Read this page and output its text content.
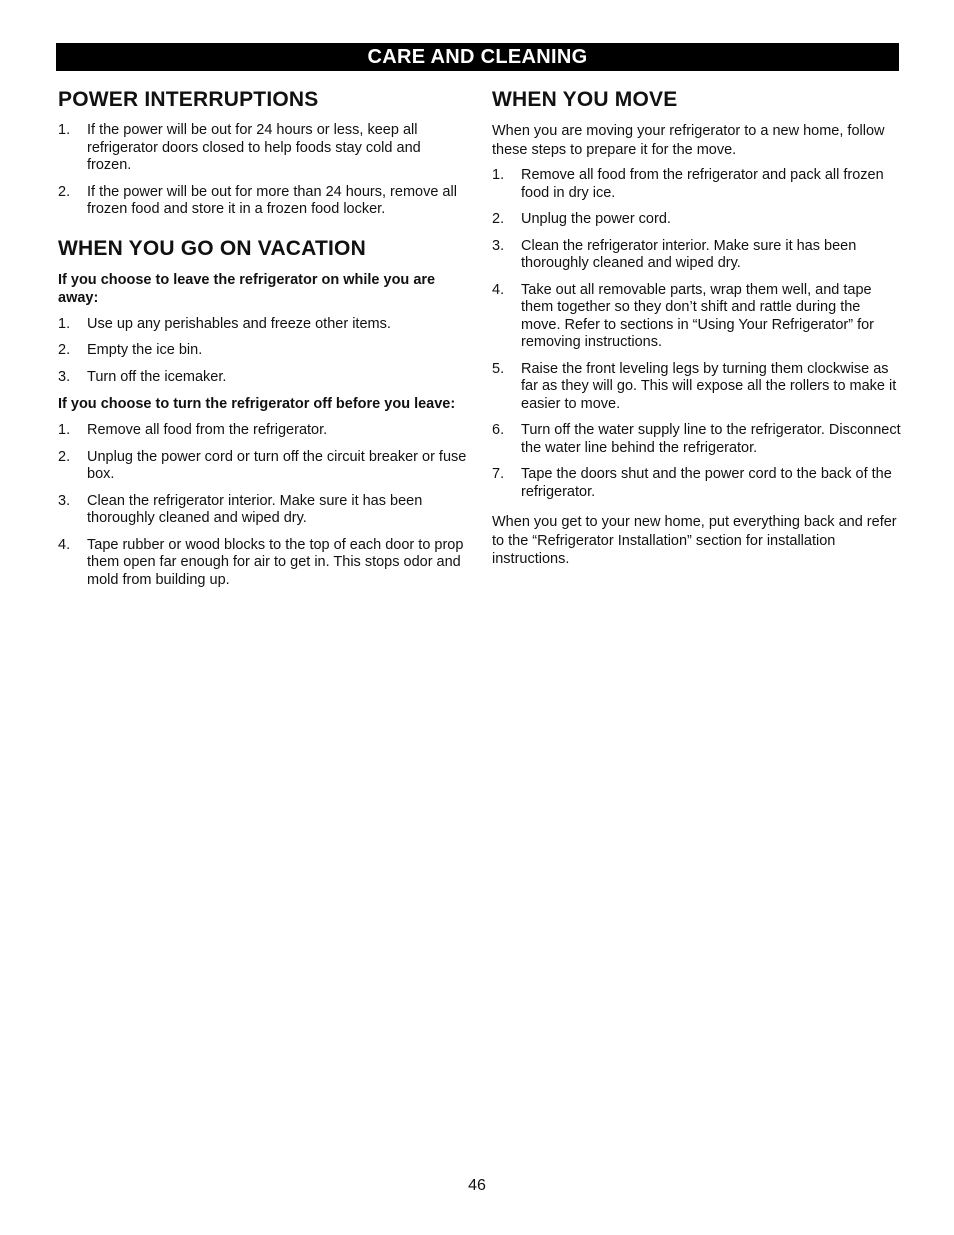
CARE AND CLEANING
POWER INTERRUPTIONS
1.	If the power will be out for 24 hours or less, keep all refrigerator doors closed to help foods stay cold and frozen.
2.	If the power will be out for more than 24 hours, remove all frozen food and store it in a frozen food locker.
WHEN YOU GO ON VACATION
If you choose to leave the refrigerator on while you are away:
1.	Use up any perishables and freeze other items.
2.	Empty the ice bin.
3.	Turn off the icemaker.
If you choose to turn the refrigerator off before you leave:
1.	Remove all food from the refrigerator.
2.	Unplug the power cord or turn off the circuit breaker or fuse box.
3.	Clean the refrigerator interior. Make sure it has been thoroughly cleaned and wiped dry.
4.	Tape rubber or wood blocks to the top of each door to prop them open far enough for air to get in. This stops odor and mold from building up.
WHEN YOU MOVE

When you are moving your refrigerator to a new home, follow these steps to prepare it for the move.

1.	Remove all food from the refrigerator and pack all frozen food in dry ice.
2.	Unplug the power cord.
3.	Clean the refrigerator interior. Make sure it has been thoroughly cleaned and wiped dry.
4.	Take out all removable parts, wrap them well, and tape them together so they don’t shift and rattle during the move. Refer to sections in “Using Your Refrigerator” for removing instructions.
5.	Raise the front leveling legs by turning them clockwise as far as they will go. This will expose all the rollers to make it easier to move.
6.	Turn off the water supply line to the refrigerator. Disconnect the water line behind the refrigerator.
7.	Tape the doors shut and the power cord to the back of the refrigerator.

When you get to your new home, put everything back and refer to the “Refrigerator Installation” section for installation instructions.

46
